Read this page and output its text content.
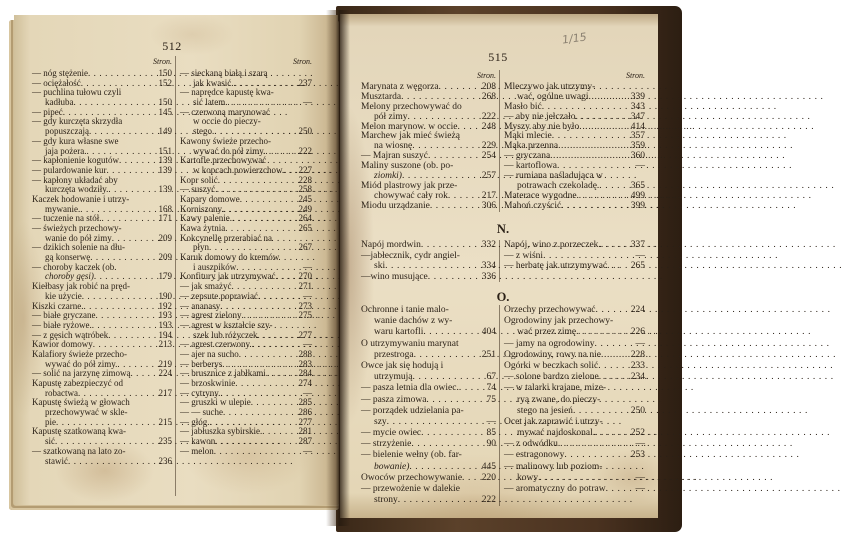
512
Stron.
— nóg stężenie . . .	150
— ociężałość . . .	152
— puchlina tułowu czyli
kadłuba . . .	150
— pipeć . . .	145
— gdy kurczęta skrzydła
popuszczają . . .	149
— gdy kura własne swe
jaja pożera. . . .	151
— kapłonienie kogutów . . .	139
— pulardowanie kur . . .	139
— kapłony układać aby
kurczęta wodziły. . . .	139
Kaczek hodowanie i utrzy-
mywanie. . . .	168
— tuczenie na stół. . . .	171
— świeżych przechowy-
wanie do pół zimy . . .	209
— dzikich solenie na dłu-
gą konserwę . . .	209
— choroby kaczek (ob.
choroby gęsi) . . .	179
Kiełbasy jak robić na pręd-
kie użycie . . .	190
Kiszki czarne. . . .	192
— białe gryczane . . .	193
— białe ryżowe. . . .	193
— z gęsich wątróbek . . .	194
Kawior domowy . . .	213
Kalafiory świeże przecho-
wywać do pół zimy. . . .	219
— solić na jarzynę zimową . . .	224
Kapustę zabezpieczyć od
robactwa . . .	217
Kapustę świeżą w głowach
przechowywać w skle-
pie . . .	215
Kapustę szatkowaną kwa-
sić . . .	235
— szatkowaną na lato zo-
stawić . . .	236
Stron.
— sieckaną białą i szarą
jak kwasić. . . .	237
— naprędce kapustę kwa-
sić latem . . .	—
— czerwoną marynować
w occie do pieczy-
stego. . . .	250
Kawony świeże przecho-
wywać do pół zimy. . . .	222
Kartofle przechowywać
w kopcach powierzchow. . . .	227
Kopr solić . . .	228
— suszyć . . .	258
Kapary domowe . . .	245
Korniszony. . . .	249
Kawy palenie. . . .	264
Kawa żytnia . . .	265
Kokcynellę przerabiać na
płyn . . .	267
Karuk domowy do kremów
i auszpików . . .	—
Konfitury jak utrzymywać . . .	270
— jak smażyć . . .	271
— zepsute poprawiać . . .	—
— ananasy . . .	273
— agrest zielony . . .	275
— agrest w kształcie szy-
szek lub różyczek . . .	277
— agrest czerwony. . . .	—
— ajer na sucho . . .	288
— berberys . . .	283
— brusznice z jabłkami . . .	284
— brzoskwinie . . .	274
— cytryny. . . .	—
— gruszki w ulepie . . .	285
— — suche . . .	286
— głóg. . . .	277
— jabłuszka sybirskie. . . .	281
— kawon . . .	287
— melon . . .	—
515
1/15
Stron.
Marynata z węgorza . . .	208
Musztarda . . .	268
Melony przechowywać do
pół zimy . . .	222
Melon marynow. w occie . . .	248
Marchew jak mieć świeżą
na wiosnę . . .	229
— Majran suszyć . . .	254
Maliny suszone (ob. po-
ziomki) . . .	257
Miód plastrowy jak prze-
chowywać cały rok . . .	217
Miodu urządzanie . . .	306
Stron.
Mleczywo jak utrzymy-
wać, ogólne uwagi . . .	339
Masło bić . . .	343
— aby nie jełczało . . .	347
Myszy aby nie było . . .	414
Mąki mlecie . . .	357
Mąka przenna . . .	359
— gryczana . . .	360
— kartoflowa . . .	—
— rumiana naśladująca w
potrawach czekoladę. . . .	365
Materace wygodne . . .	499
Mahoń czyścić . . .	399
N.
Napój mordwin . . .	332
—jabłecznik, cydr angiel-
ski . . .	334
—wino musujące . . .	336
Napój, wino z porzeczek. . . .	337
— z wiśni . . .	—
— herbatę jak utrzymywać . . . 265
O.
Ochronne i tanie malo-
wanie dachów z wy-
waru kartofli . . .	404
O utrzymywaniu marynat
przestroga . . .	251
Owce jak się hodują i
utrzymują . . .	67
— pasza letnia dla owiec. . . .	74
— pasza zimowa . . .	75
— porządek udzielania pa-
szy . . .	—
— mycie owiec . . .	85
— strzyżenie . . .	90
— bielenie wełny (ob. far-
bowanie) . . .	445
Owoców przechowywanie . . . 220
— przewożenie w dalekie
strony . . .	222
Orzechy przechowywać . . .	224
Ogrodowiny jak przechowy-
wać przez zimę . . .	226
— jamy na ogrodowiny . . .	—
Ogrodowiny, rowy na nie . . .	228
Ogórki w beczkach solić . . .	233
— solone bardzo zielone . . .	234
— w talarki krajane, mize-
ryą zwane, do pieczy-
stego na jesień . . .	250
Ocet jak zaprawić i utrzy-
mywać najdoskonal. . . .	252
— z odwódku . . .	—
— estragonowy . . .	253
— malinowy lub poziom-
kowy . . .	—
— aromatyczny do potraw . . .	—
